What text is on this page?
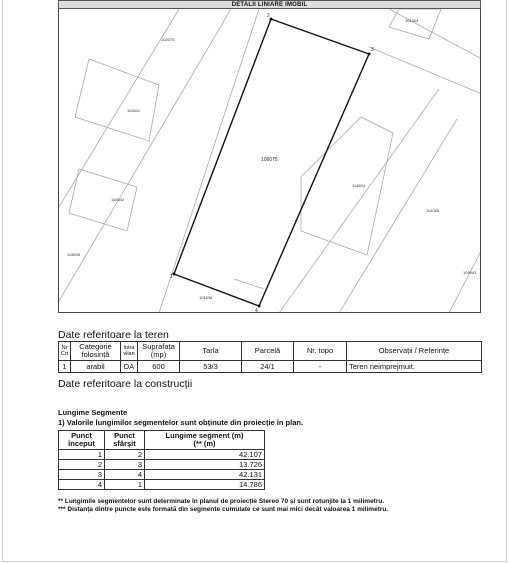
DETALII LINIARE IMOBIL
106075
102075
110841
110842
115695
101304
114604
114065
109943
101638
1
2
3
4
Date referitoare la teren
Nr Crt	Categorie folosință	Intra vilan	Suprafața (mp)	Tarla	Parcelă	Nr. topo	Observații / Referințe
1	arabil	DA	600	53/3	24/1	-	Teren neimprejmuit.
Date referitoare la construcții
Lungime Segmente
1) Valorile lungimilor segmentelor sunt obținute din proiecție în plan.
Punct început	Punct sfârșit	Lungime segment (m)
(** (m)
1	2	42.107
2	3	13.726
3	4	42.131
4	1	14.786
** Lungimile segmentelor sunt determinate în planul de proiecție Stereo 70 și sunt rotunjite la 1 milimetru.
*** Distanța dintre puncte este formată din segmente cumulate ce sunt mai mici decât valoarea 1 milimetru.
